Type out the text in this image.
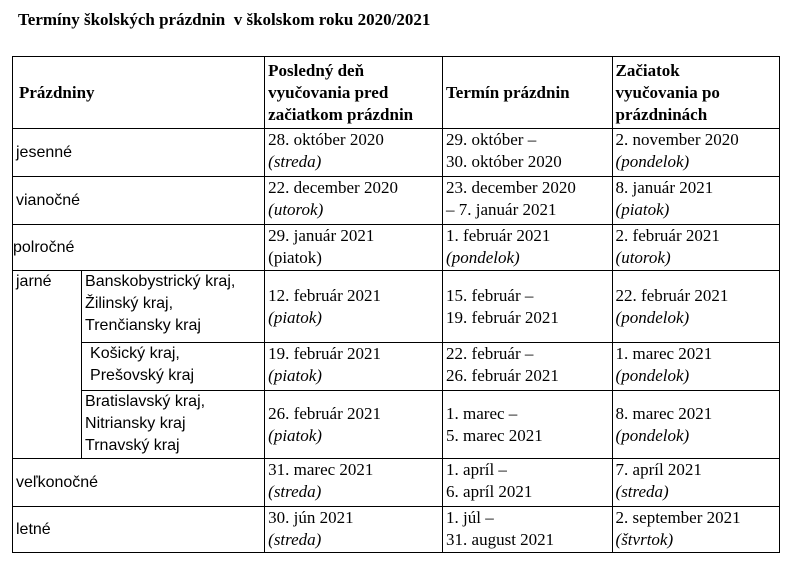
Termíny školských prázdnin  v školskom roku 2020/2021
Prázdniny		Posledný deň
vyučovania pred
začiatkom prázdnin	Termín prázdnin	Začiatok
vyučovania po
prázdninách

jesenné		28. október 2020
(streda)	29. október –
30. október 2020	2. november 2020
(pondelok)

vianočné		22. december 2020
(utorok)	23. december 2020
– 7. január 2021	8. január 2021
(piatok)

polročné		29. január 2021
(piatok)	1. február 2021
(pondelok)	2. február 2021
(utorok)

jarné	Banskobystrický kraj,
Žilinský kraj,
Trenčiansky kraj	12. február 2021
(piatok)	15. február –
19. február 2021	22. február 2021
(pondelok)

	Košický kraj,
Prešovský kraj	19. február 2021
(piatok)	22. február –
26. február 2021	1. marec 2021
(pondelok)

	Bratislavský kraj,
Nitriansky kraj
Trnavský kraj	26. február 2021
(piatok)	1. marec –
5. marec 2021	8. marec 2021
(pondelok)

veľkonočné		31. marec 2021
(streda)	1. apríl –
6. apríl 2021	7. apríl 2021
(streda)

letné		30. jún 2021
(streda)	1. júl –
31. august 2021	2. september 2021
(štvrtok)
